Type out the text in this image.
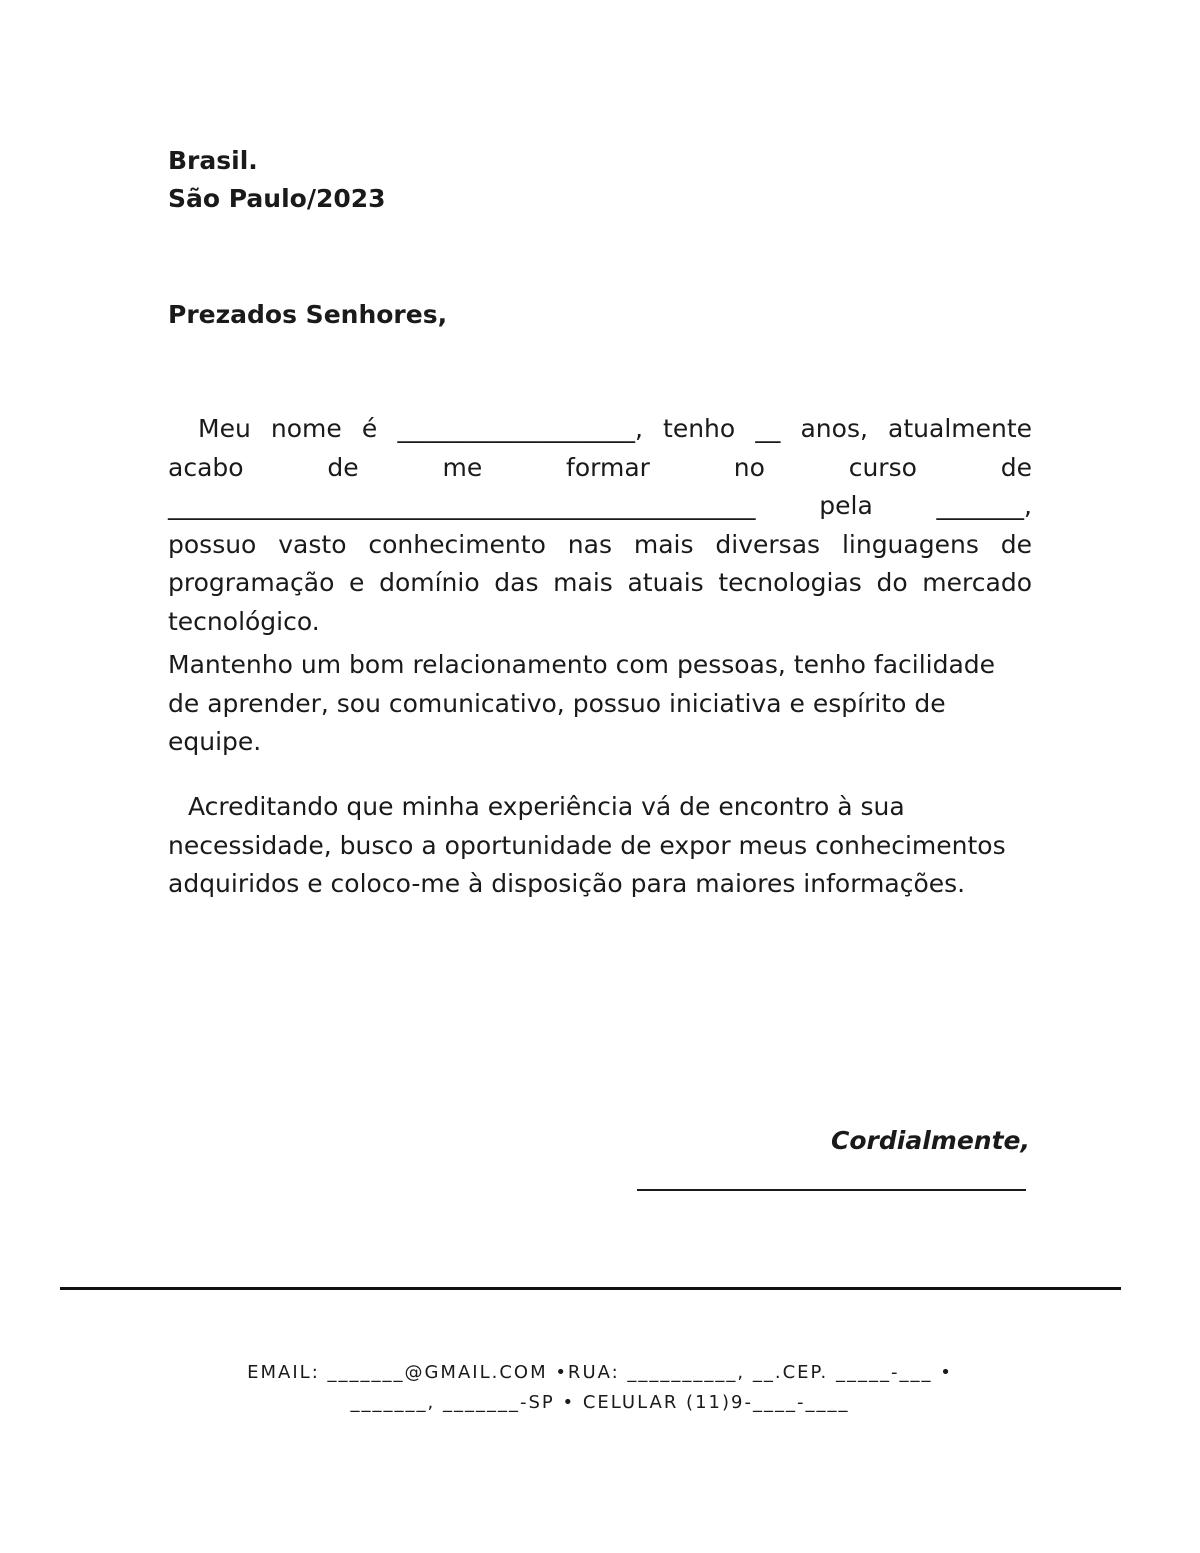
Brasil.
São Paulo/2023
Prezados Senhores,
Meu nome é ___________________, tenho __ anos, atualmente
acabo de me formar no curso de
_______________________________________________	pela	_______,
possuo vasto conhecimento nas mais diversas linguagens de programação e domínio das mais atuais tecnologias do mercado tecnológico.
Mantenho um bom relacionamento com pessoas, tenho facilidade de aprender, sou comunicativo, possuo iniciativa e espírito de equipe.
Acreditando que minha experiência vá de encontro à sua necessidade, busco a oportunidade de expor meus conhecimentos adquiridos e coloco-me à disposição para maiores informações.
Cordialmente,
EMAIL: _______@GMAIL.COM •RUA: __________, __.CEP. _____-___ •
_______, _______-SP • CELULAR (11)9-____-____
